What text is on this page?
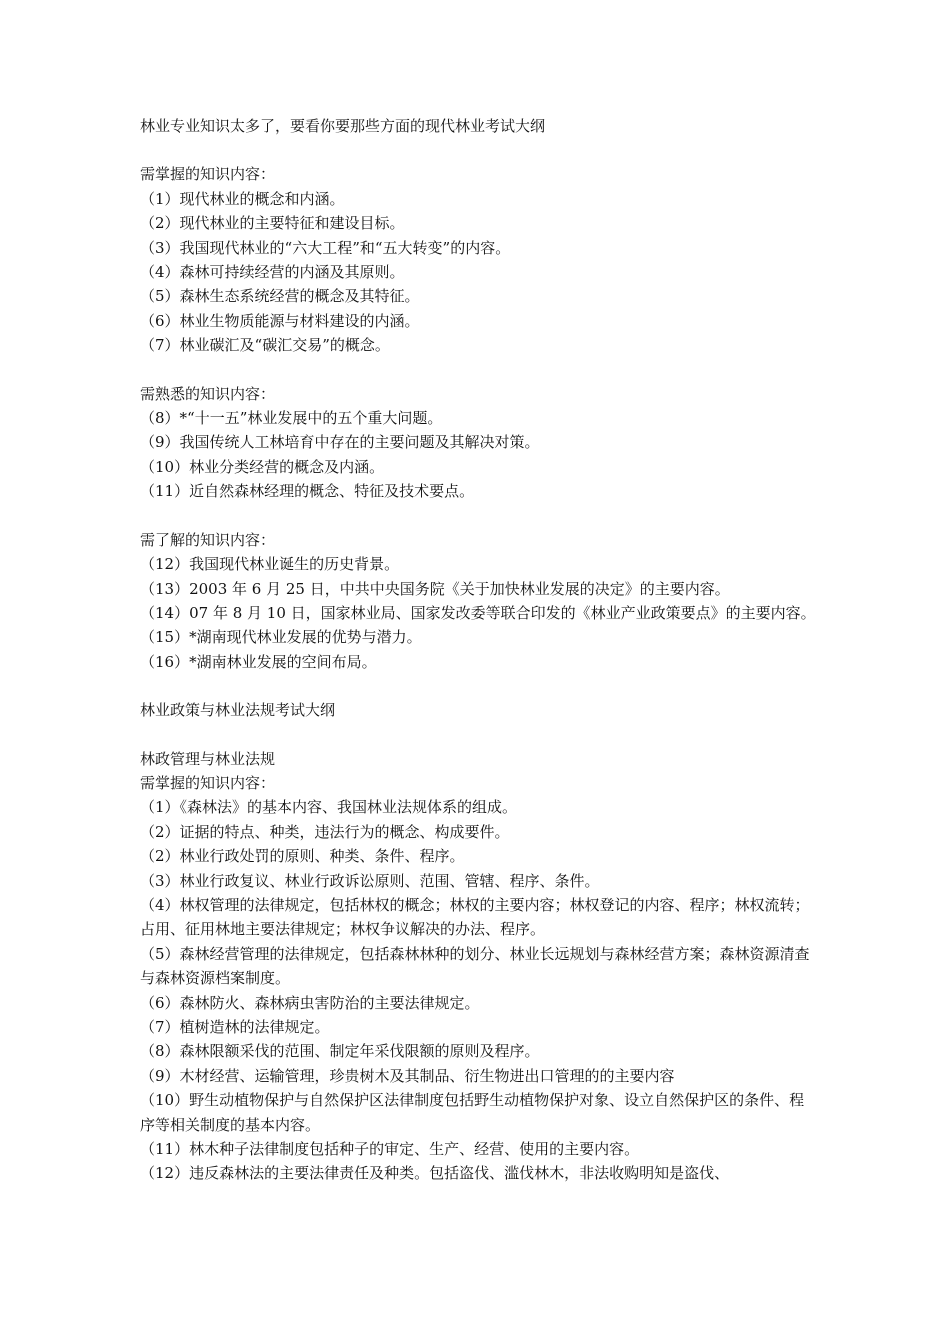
林业专业知识太多了，要看你要那些方面的现代林业考试大纲
需掌握的知识内容：
（1）现代林业的概念和内涵。
（2）现代林业的主要特征和建设目标。
（3）我国现代林业的“六大工程”和“五大转变”的内容。
（4）森林可持续经营的内涵及其原则。
（5）森林生态系统经营的概念及其特征。
（6）林业生物质能源与材料建设的内涵。
（7）林业碳汇及“碳汇交易”的概念。
需熟悉的知识内容：
（8）*“十一五”林业发展中的五个重大问题。
（9）我国传统人工林培育中存在的主要问题及其解决对策。
（10）林业分类经营的概念及内涵。
（11）近自然森林经理的概念、特征及技术要点。
需了解的知识内容：
（12）我国现代林业诞生的历史背景。
（13）2003 年 6 月 25 日，中共中央国务院《关于加快林业发展的决定》的主要内容。
（14）07 年 8 月 10 日，国家林业局、国家发改委等联合印发的《林业产业政策要点》的主要内容。
（15）*湖南现代林业发展的优势与潜力。
（16）*湖南林业发展的空间布局。
林业政策与林业法规考试大纲
林政管理与林业法规
需掌握的知识内容：
（1）《森林法》的基本内容、我国林业法规体系的组成。
（2）证据的特点、种类，违法行为的概念、构成要件。
（2）林业行政处罚的原则、种类、条件、程序。
（3）林业行政复议、林业行政诉讼原则、范围、管辖、程序、条件。
（4）林权管理的法律规定，包括林权的概念；林权的主要内容；林权登记的内容、程序；林权流转；占用、征用林地主要法律规定；林权争议解决的办法、程序。
（5）森林经营管理的法律规定，包括森林林种的划分、林业长远规划与森林经营方案；森林资源清查与森林资源档案制度。
（6）森林防火、森林病虫害防治的主要法律规定。
（7）植树造林的法律规定。
（8）森林限额采伐的范围、制定年采伐限额的原则及程序。
（9）木材经营、运输管理，珍贵树木及其制品、衍生物进出口管理的的主要内容
（10）野生动植物保护与自然保护区法律制度包括野生动植物保护对象、设立自然保护区的条件、程序等相关制度的基本内容。
（11）林木种子法律制度包括种子的审定、生产、经营、使用的主要内容。
（12）违反森林法的主要法律责任及种类。包括盗伐、滥伐林木，非法收购明知是盗伐、
